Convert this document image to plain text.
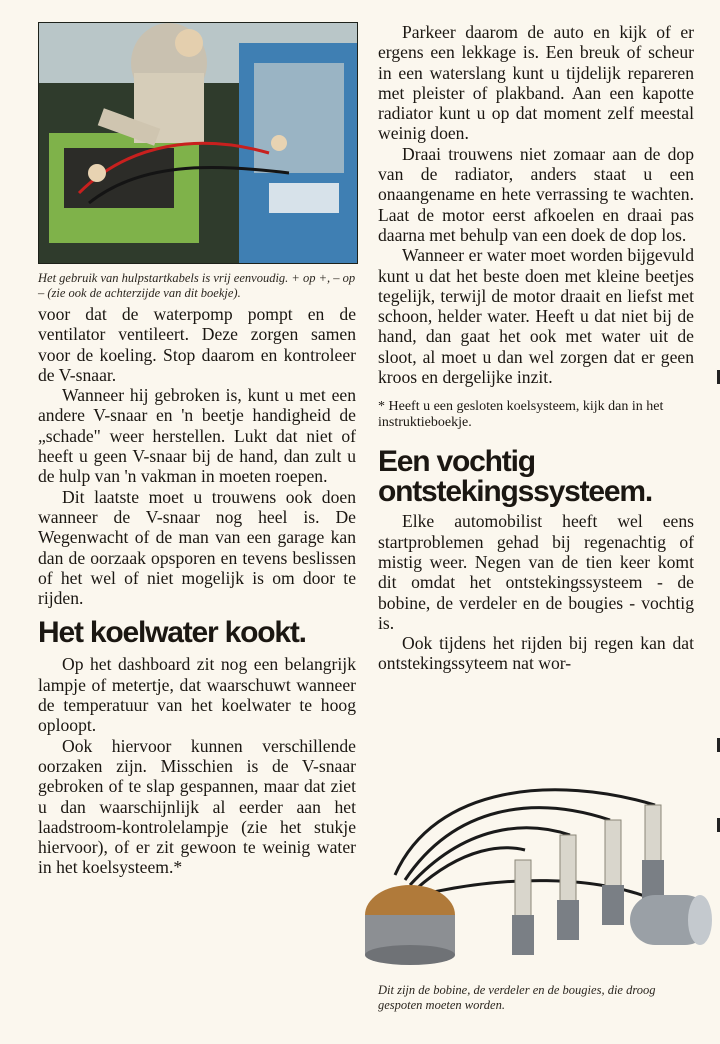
Het gebruik van hulpstartkabels is vrij eenvoudig. + op +, – op – (zie ook de achterzijde van dit boekje).

voor dat de waterpomp pompt en de ventilator ventileert. Deze zorgen samen voor de koeling. Stop daarom en kontroleer de V-snaar.

Wanneer hij gebroken is, kunt u met een andere V-snaar en 'n beetje handigheid de „schade" weer herstellen. Lukt dat niet of heeft u geen V-snaar bij de hand, dan zult u de hulp van 'n vakman in moeten roepen.

Dit laatste moet u trouwens ook doen wanneer de V-snaar nog heel is. De Wegenwacht of de man van een garage kan dan de oorzaak opsporen en tevens beslissen of het wel of niet mogelijk is om door te rijden.

Het koelwater kookt.

Op het dashboard zit nog een belangrijk lampje of metertje, dat waarschuwt wanneer de temperatuur van het koelwater te hoog oploopt.

Ook hiervoor kunnen verschillende oorzaken zijn. Misschien is de V-snaar gebroken of te slap gespannen, maar dat ziet u dan waarschijnlijk al eerder aan het laadstroom-kontrolelampje (zie het stukje hiervoor), of er zit gewoon te weinig water in het koelsysteem.*

Parkeer daarom de auto en kijk of er ergens een lekkage is. Een breuk of scheur in een waterslang kunt u tijdelijk repareren met pleister of plakband. Aan een kapotte radiator kunt u op dat moment zelf meestal weinig doen.

Draai trouwens niet zomaar aan de dop van de radiator, anders staat u een onaangename en hete verrassing te wachten. Laat de motor eerst afkoelen en draai pas daarna met behulp van een doek de dop los.

Wanneer er water moet worden bijgevuld kunt u dat het beste doen met kleine beetjes tegelijk, terwijl de motor draait en liefst met schoon, helder water. Heeft u dat niet bij de hand, dan gaat het ook met water uit de sloot, al moet u dan wel zorgen dat er geen kroos en dergelijke inzit.

* Heeft u een gesloten koelsysteem, kijk dan in het instruktieboekje.
Een vochtig
ontstekingssysteem.

Elke automobilist heeft wel eens startproblemen gehad bij regenachtig of mistig weer. Negen van de tien keer komt dit omdat het ontstekingssysteem - de bobine, de verdeler en de bougies - vochtig is.

Ook tijdens het rijden bij regen kan dat ontstekingssyteem nat wor-

Dit zijn de bobine, de verdeler en de bougies, die droog gespoten moeten worden.
